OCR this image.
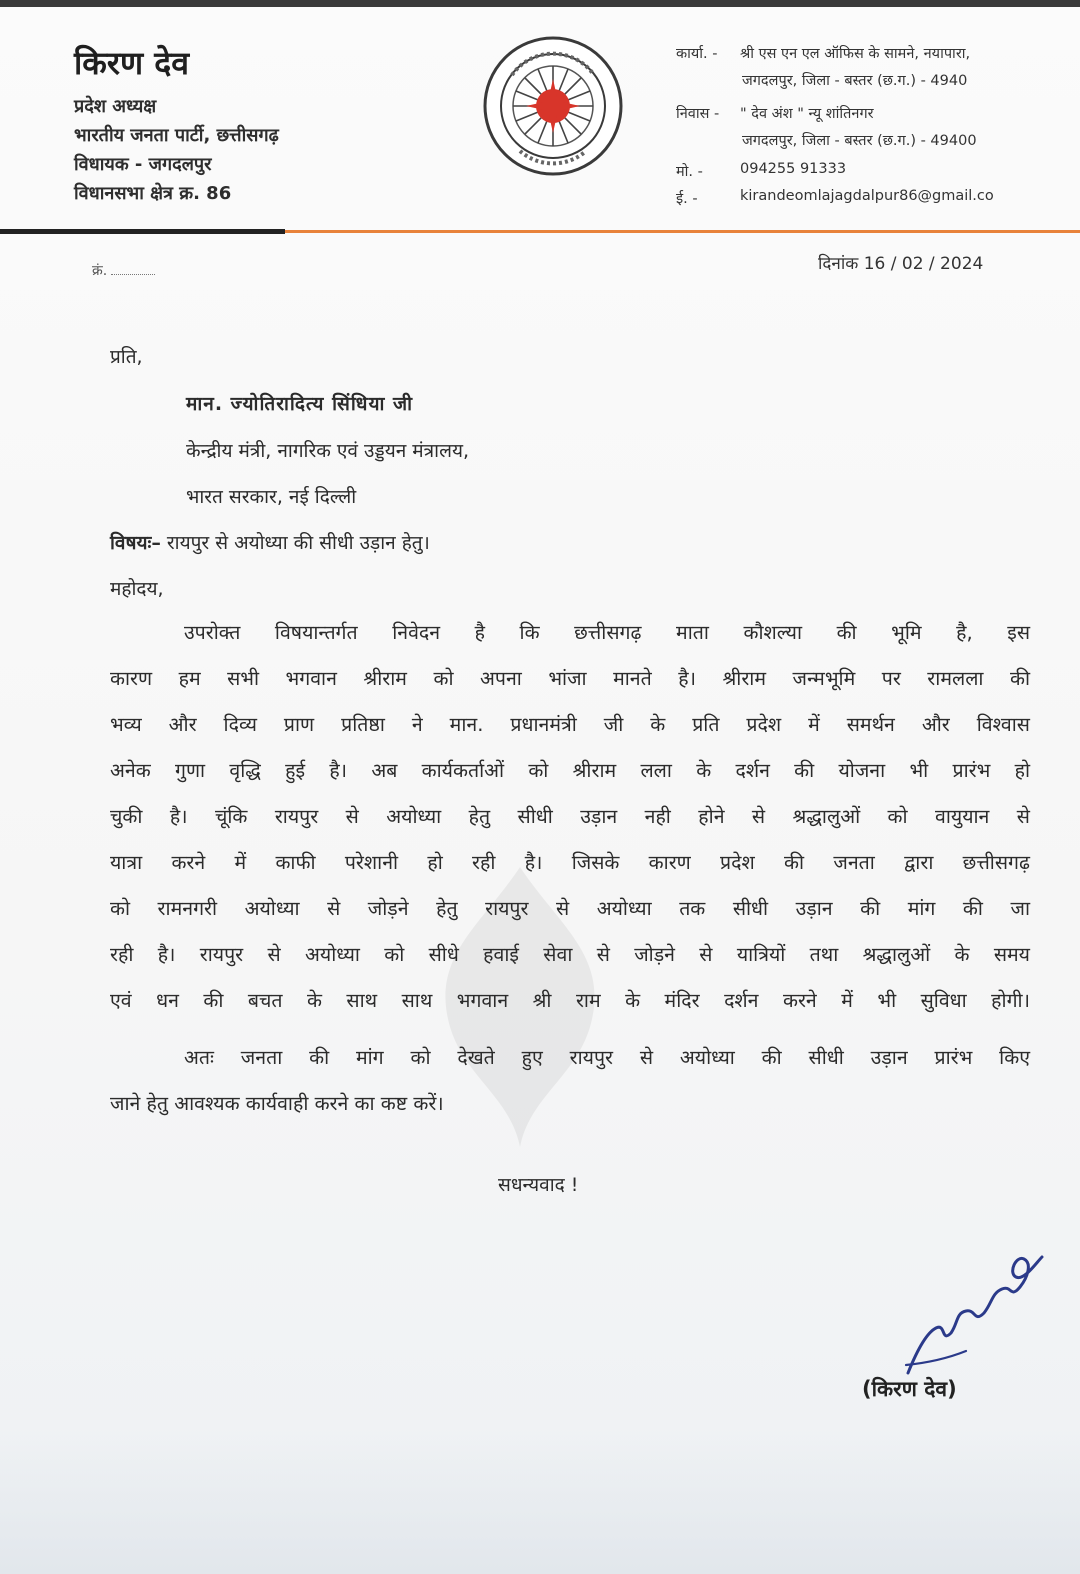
किरण देव
प्रदेश अध्यक्ष
भारतीय जनता पार्टी, छत्तीसगढ़
विधायक - जगदलपुर
विधानसभा क्षेत्र क्र. 86
कार्या. -	श्री एस एन एल ऑफिस के सामने, नयापारा,
जगदलपुर, जिला - बस्तर (छ.ग.) - 4940
निवास -	" देव अंश " न्यू शांतिनगर
जगदलपुर, जिला - बस्तर (छ.ग.) - 49400
मो. -	094255 91333
ई. -	kirandeomlajagdalpur86@gmail.co
क्रं.	दिनांक 16 / 02 / 2024
प्रति,
मान. ज्योतिरादित्य सिंधिया जी
केन्द्रीय मंत्री, नागरिक एवं उड्डयन मंत्रालय,
भारत सरकार, नई दिल्ली
विषयः– रायपुर से अयोध्या की सीधी उड़ान हेतु।
महोदय,
उपरोक्त विषयान्तर्गत निवेदन है कि छत्तीसगढ़ माता कौशल्या की भूमि है, इस
कारण हम सभी भगवान श्रीराम को अपना भांजा मानते है। श्रीराम जन्मभूमि पर रामलला की
भव्य और दिव्य प्राण प्रतिष्ठा ने मान. प्रधानमंत्री जी के प्रति प्रदेश में समर्थन और विश्वास
अनेक गुणा वृद्धि हुई है। अब कार्यकर्ताओं को श्रीराम लला के दर्शन की योजना भी प्रारंभ हो
चुकी है। चूंकि रायपुर से अयोध्या हेतु सीधी उड़ान नही होने से श्रद्धालुओं को वायुयान से
यात्रा करने में काफी परेशानी हो रही है। जिसके कारण प्रदेश की जनता द्वारा छत्तीसगढ़
को रामनगरी अयोध्या से जोड़ने हेतु रायपुर से अयोध्या तक सीधी उड़ान की मांग की जा
रही है। रायपुर से अयोध्या को सीधे हवाई सेवा से जोड़ने से यात्रियों तथा श्रद्धालुओं के समय
एवं धन की बचत के साथ साथ भगवान श्री राम के मंदिर दर्शन करने में भी सुविधा होगी।
अतः जनता की मांग को देखते हुए रायपुर से अयोध्या की सीधी उड़ान प्रारंभ किए
जाने हेतु आवश्यक कार्यवाही करने का कष्ट करें।
सधन्यवाद !
(किरण देव)
